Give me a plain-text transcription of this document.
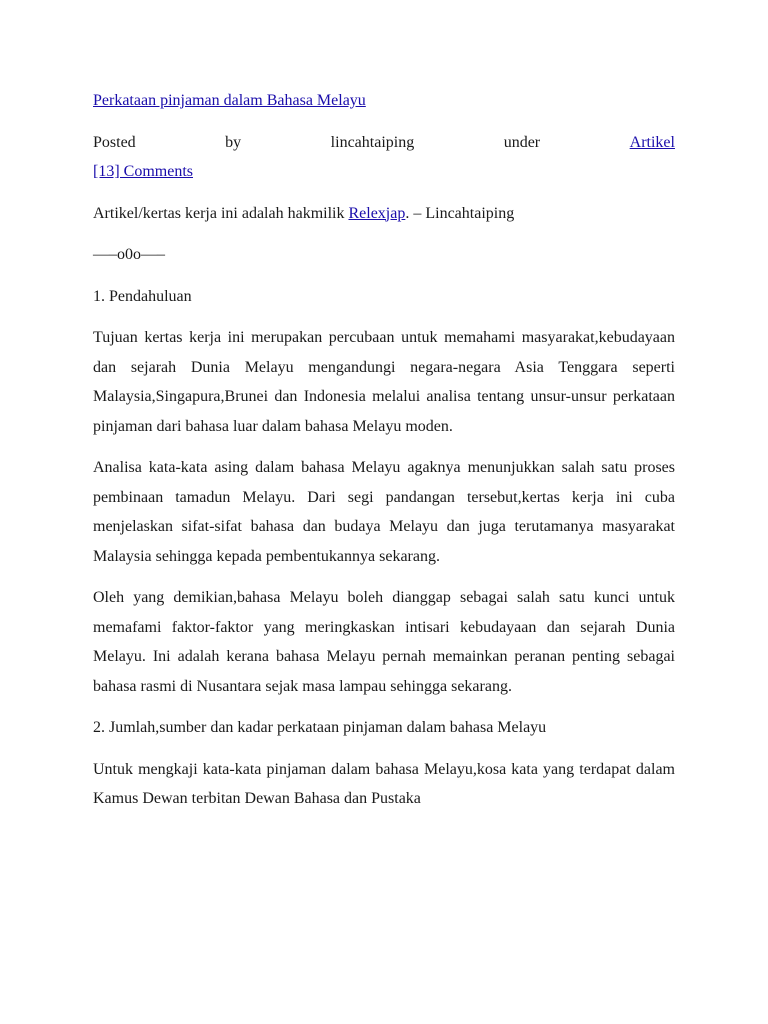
Perkataan pinjaman dalam Bahasa Melayu

Posted	by	lincahtaiping	under	Artikel

[13] Comments

Artikel/kertas kerja ini adalah hakmilik Relexjap. – Lincahtaiping

—–o0o—–

1. Pendahuluan

Tujuan kertas kerja ini merupakan percubaan untuk memahami masyarakat,kebudayaan dan sejarah Dunia Melayu mengandungi negara-negara Asia Tenggara seperti Malaysia,Singapura,Brunei dan Indonesia melalui analisa tentang unsur-unsur perkataan pinjaman dari bahasa luar dalam bahasa Melayu moden.

Analisa kata-kata asing dalam bahasa Melayu agaknya menunjukkan salah satu proses pembinaan tamadun Melayu. Dari segi pandangan tersebut,kertas kerja ini cuba menjelaskan sifat-sifat bahasa dan budaya Melayu dan juga terutamanya masyarakat Malaysia sehingga kepada pembentukannya sekarang.

Oleh yang demikian,bahasa Melayu boleh dianggap sebagai salah satu kunci untuk memafami faktor-faktor yang meringkaskan intisari kebudayaan dan sejarah Dunia Melayu. Ini adalah kerana bahasa Melayu pernah memainkan peranan penting sebagai bahasa rasmi di Nusantara sejak masa lampau sehingga sekarang.

2. Jumlah,sumber dan kadar perkataan pinjaman dalam bahasa Melayu

Untuk mengkaji kata-kata pinjaman dalam bahasa Melayu,kosa kata yang terdapat dalam Kamus Dewan terbitan Dewan Bahasa dan Pustaka
